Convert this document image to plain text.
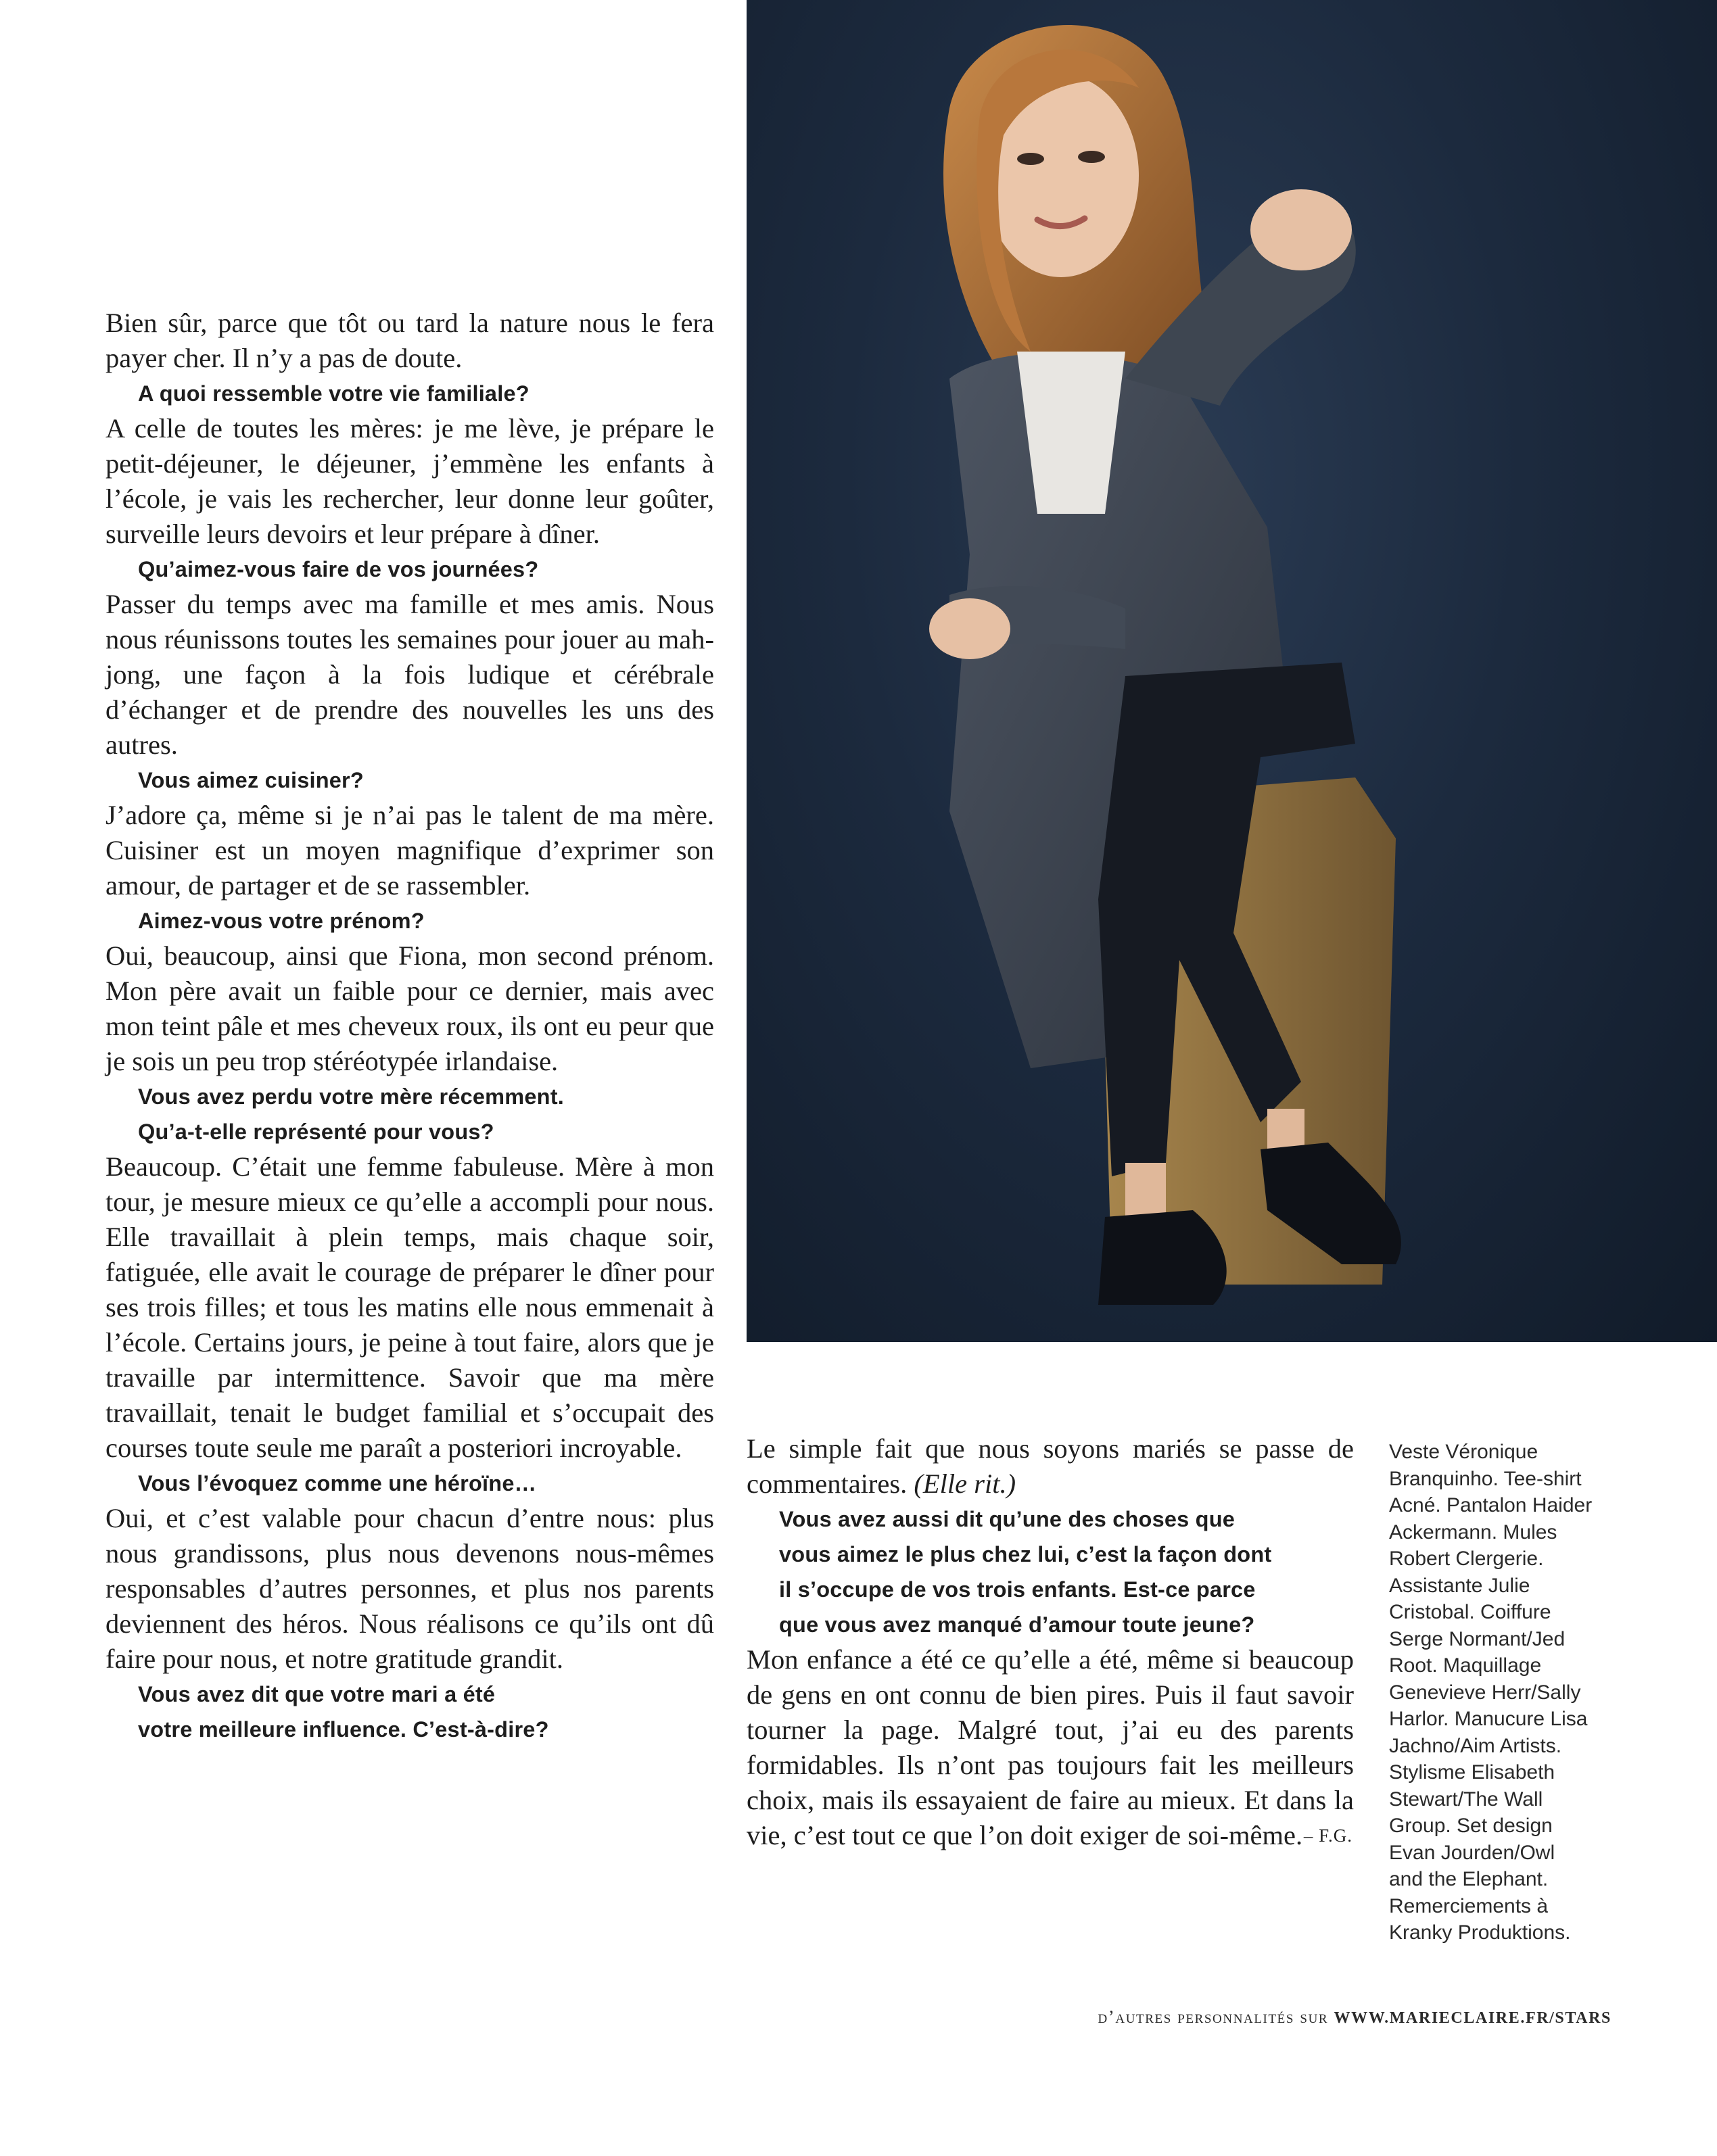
Bien sûr, parce que tôt ou tard la nature nous le fera payer cher. Il n’y a pas de doute.

A quoi ressemble votre vie familiale?

A celle de toutes les mères: je me lève, je prépare le petit-déjeuner, le déjeuner, j’emmène les enfants à l’école, je vais les rechercher, leur donne leur goûter, surveille leurs devoirs et leur prépare à dîner.

Qu’aimez-vous faire de vos journées?

Passer du temps avec ma famille et mes amis. Nous nous réunissons toutes les semaines pour jouer au mah-jong, une façon à la fois ludique et cérébrale d’échanger et de prendre des nouvelles les uns des autres.

Vous aimez cuisiner?

J’adore ça, même si je n’ai pas le talent de ma mère. Cuisiner est un moyen magnifique d’exprimer son amour, de partager et de se rassembler.

Aimez-vous votre prénom?

Oui, beaucoup, ainsi que Fiona, mon second prénom. Mon père avait un faible pour ce dernier, mais avec mon teint pâle et mes cheveux roux, ils ont eu peur que je sois un peu trop stéréotypée irlandaise.

Vous avez perdu votre mère récemment.
Qu’a-t-elle représenté pour vous?

Beaucoup. C’était une femme fabuleuse. Mère à mon tour, je mesure mieux ce qu’elle a accompli pour nous. Elle travaillait à plein temps, mais chaque soir, fatiguée, elle avait le courage de préparer le dîner pour ses trois filles; et tous les matins elle nous emmenait à l’école. Certains jours, je peine à tout faire, alors que je travaille par intermittence. Savoir que ma mère travaillait, tenait le budget familial et s’occupait des courses toute seule me paraît a posteriori incroyable.

Vous l’évoquez comme une héroïne…

Oui, et c’est valable pour chacun d’entre nous: plus nous grandissons, plus nous devenons nous-mêmes responsables d’autres personnes, et plus nos parents deviennent des héros. Nous réalisons ce qu’ils ont dû faire pour nous, et notre gratitude grandit.

Vous avez dit que votre mari a été
votre meilleure influence. C’est-à-dire?

Le simple fait que nous soyons mariés se passe de commentaires. (Elle rit.)

Vous avez aussi dit qu’une des choses que
vous aimez le plus chez lui, c’est la façon dont
il s’occupe de vos trois enfants. Est-ce parce
que vous avez manqué d’amour toute jeune?

Mon enfance a été ce qu’elle a été, même si beaucoup de gens en ont connu de bien pires. Puis il faut savoir tourner la page. Malgré tout, j’ai eu des parents formidables. Ils n’ont pas toujours fait les meilleurs choix, mais ils essayaient de faire au mieux. Et dans la vie, c’est tout ce que l’on doit exiger de soi-même. – F.G.

Veste Véronique
Branquinho. Tee-shirt
Acné. Pantalon Haider
Ackermann. Mules
Robert Clergerie.
Assistante Julie
Cristobal. Coiffure
Serge Normant/Jed
Root. Maquillage
Genevieve Herr/Sally
Harlor. Manucure Lisa
Jachno/Aim Artists.
Stylisme Elisabeth
Stewart/The Wall
Group. Set design
Evan Jourden/Owl
and the Elephant.
Remerciements à
Kranky Produktions.
d’autres personnalités sur WWW.MARIECLAIRE.FR/STARS
